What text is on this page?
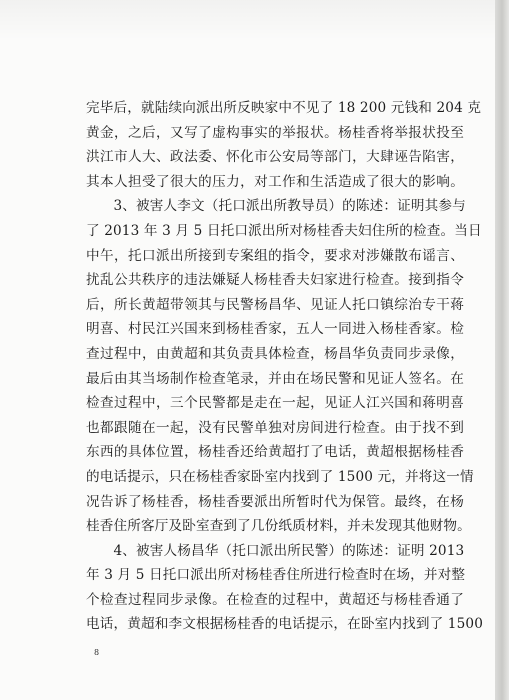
完毕后，就陆续向派出所反映家中不见了 18 200 元钱和 204 克
黄金，之后，又写了虚构事实的举报状。杨桂香将举报状投至
洪江市人大、政法委、怀化市公安局等部门，大肆诬告陷害，
其本人担受了很大的压力，对工作和生活造成了很大的影响。
　　3、被害人李文（托口派出所教导员）的陈述：证明其参与
了 2013 年 3 月 5 日托口派出所对杨桂香夫妇住所的检查。当日
中午，托口派出所接到专案组的指令，要求对涉嫌散布谣言、
扰乱公共秩序的违法嫌疑人杨桂香夫妇家进行检查。接到指令
后，所长黄超带领其与民警杨昌华、见证人托口镇综治专干蒋
明喜、村民江兴国来到杨桂香家，五人一同进入杨桂香家。检
查过程中，由黄超和其负责具体检查，杨昌华负责同步录像，
最后由其当场制作检查笔录，并由在场民警和见证人签名。在
检查过程中，三个民警都是走在一起，见证人江兴国和蒋明喜
也都跟随在一起，没有民警单独对房间进行检查。由于找不到
东西的具体位置，杨桂香还给黄超打了电话，黄超根据杨桂香
的电话提示，只在杨桂香家卧室内找到了 1500 元，并将这一情
况告诉了杨桂香，杨桂香要派出所暂时代为保管。最终，在杨
桂香住所客厅及卧室查到了几份纸质材料，并未发现其他财物。
　　4、被害人杨昌华（托口派出所民警）的陈述：证明 2013
年 3 月 5 日托口派出所对杨桂香住所进行检查时在场，并对整
个检查过程同步录像。在检查的过程中，黄超还与杨桂香通了
电话，黄超和李文根据杨桂香的电话提示，在卧室内找到了 1500
8
